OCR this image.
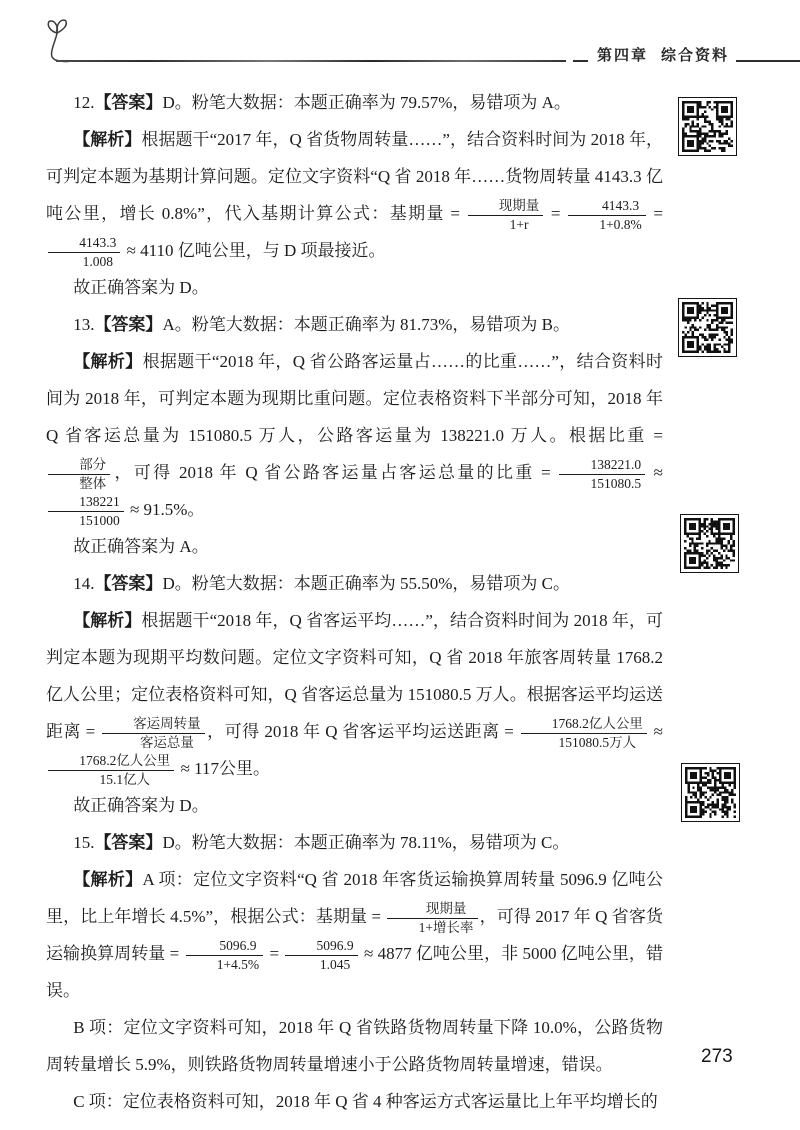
第四章 综合资料

12.【答案】D。粉笔大数据：本题正确率为 79.57%，易错项为 A。

【解析】根据题干“2017 年，Q 省货物周转量……”，结合资料时间为 2018 年，可判定本题为基期计算问题。定位文字资料“Q 省 2018 年……货物周转量 4143.3 亿吨公里，增长 0.8%”，代入基期计算公式：基期量 = $\frac{\text{现期量}}{1+r} = \frac{4143.3}{1+0.8\%}$ =
$\frac{4143.3}{1.008} \approx 4110$ 亿吨公里，与 D 项最接近。

故正确答案为 D。

13.【答案】A。粉笔大数据：本题正确率为 81.73%，易错项为 B。

【解析】根据题干“2018 年，Q 省公路客运量占……的比重……”，结合资料时间为 2018 年，可判定本题为现期比重问题。定位表格资料下半部分可知，2018 年 Q 省客运总量为 151080.5 万人，公路客运量为 138221.0 万人。根据比重 =
$\frac{\text{部分}}{\text{整体}}$ ，可得 2018 年 Q 省公路客运量占客运总量的比重 = $\frac{138221.0}{151080.5}$ ≈
$\frac{138221}{151000} \approx 91.5\%$。

故正确答案为 A。

14.【答案】D。粉笔大数据：本题正确率为 55.50%，易错项为 C。

【解析】根据题干“2018 年，Q 省客运平均……”，结合资料时间为 2018 年，可判定本题为现期平均数问题。定位文字资料可知，Q 省 2018 年旅客周转量 1768.2 亿人公里；定位表格资料可知，Q 省客运总量为 151080.5 万人。根据客运平均运送距离 = $\frac{\text{客运周转量}}{\text{客运总量}}$ ，可得 2018 年 Q 省客运平均运送距离 = $\frac{\text{1768.2亿人公里}}{\text{151080.5万人}}$ ≈
$\frac{\text{1768.2亿人公里}}{\text{15.1亿人}} \approx 117$公里。

故正确答案为 D。

15.【答案】D。粉笔大数据：本题正确率为 78.11%，易错项为 C。

【解析】A 项：定位文字资料“Q 省 2018 年客货运输换算周转量 5096.9 亿吨公里，比上年增长 4.5%”，根据公式：基期量 = $\frac{\text{现期量}}{\text{1+增长率}}$ ，可得 2017 年 Q 省客货运输换算周转量 = $\frac{5096.9}{1+4.5\%} = \frac{5096.9}{1.045} \approx 4877$ 亿吨公里，非 5000 亿吨公里，错误。

B 项：定位文字资料可知，2018 年 Q 省铁路货物周转量下降 10.0%，公路货物周转量增长 5.9%，则铁路货物周转量增速小于公路货物周转量增速，错误。

C 项：定位表格资料可知，2018 年 Q 省 4 种客运方式客运量比上年平均增长的

273
